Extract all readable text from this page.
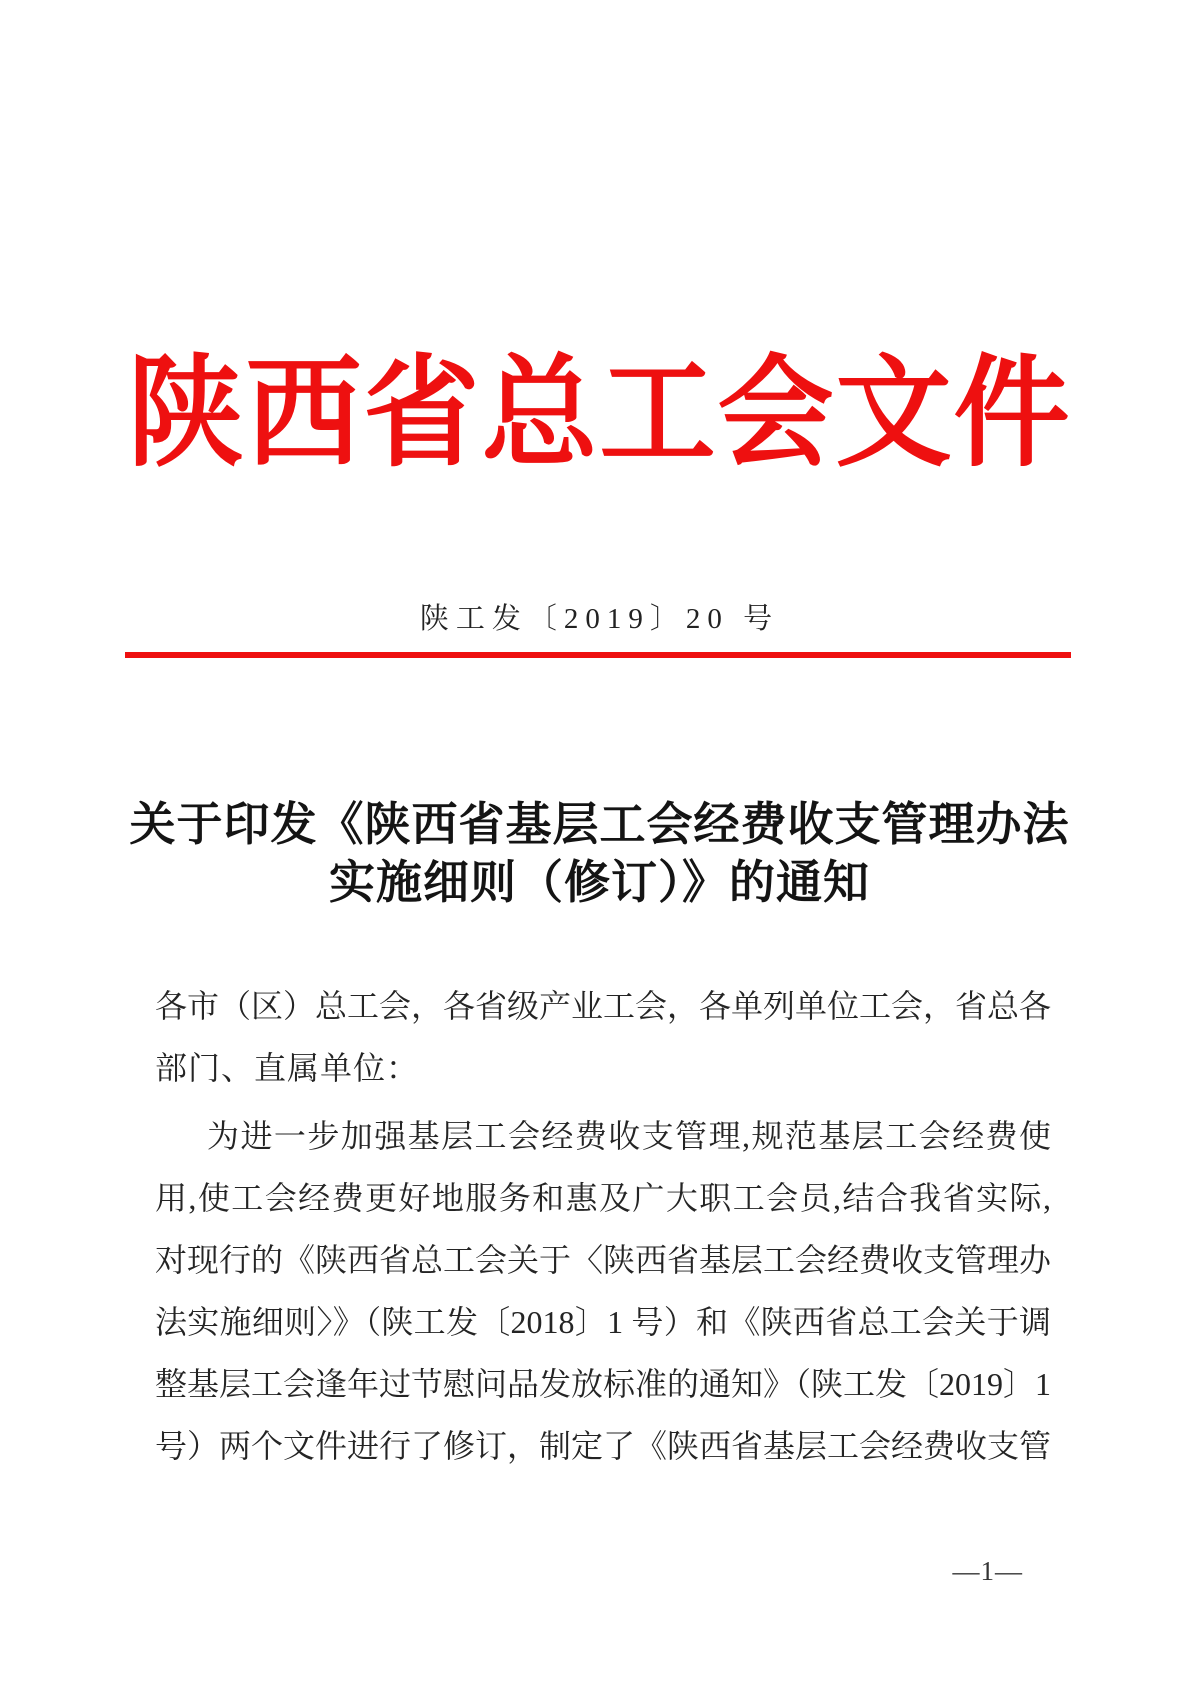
陕西省总工会文件
陕工发〔2019〕20 号
关于印发《陕西省基层工会经费收支管理办法
实施细则（修订）》的通知
各市（区）总工会，各省级产业工会，各单列单位工会，省总各
部门、直属单位：
为进一步加强基层工会经费收支管理,规范基层工会经费使
用,使工会经费更好地服务和惠及广大职工会员,结合我省实际,
对现行的《陕西省总工会关于〈陕西省基层工会经费收支管理办
法实施细则〉》（陕工发〔2018〕1 号）和《陕西省总工会关于调
整基层工会逢年过节慰问品发放标准的通知》（陕工发〔2019〕1
号）两个文件进行了修订，制定了《陕西省基层工会经费收支管
—1—
